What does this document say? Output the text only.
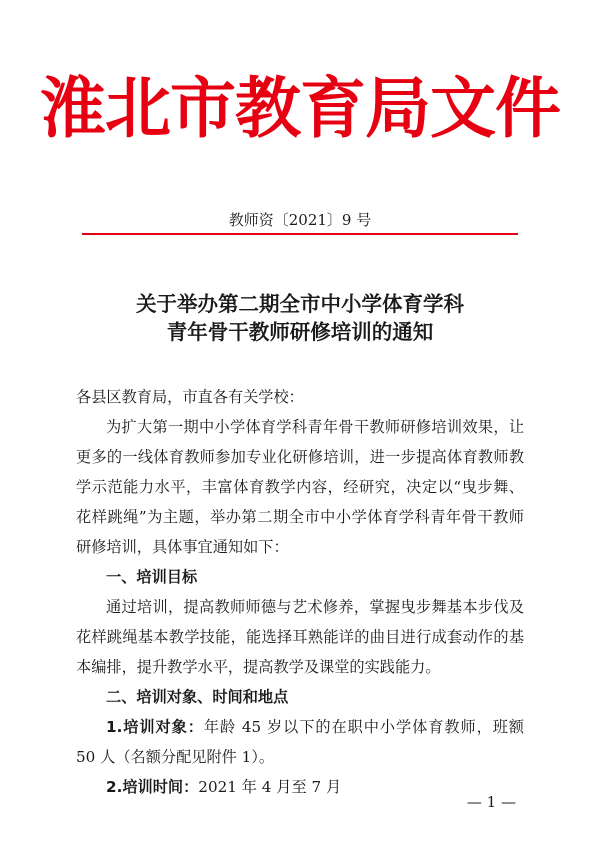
淮北市教育局文件
教师资〔2021〕9 号
关于举办第二期全市中小学体育学科
青年骨干教师研修培训的通知

各县区教育局，市直各有关学校：

为扩大第一期中小学体育学科青年骨干教师研修培训效果，让更多的一线体育教师参加专业化研修培训，进一步提高体育教师教学示范能力水平，丰富体育教学内容，经研究，决定以“曳步舞、花样跳绳”为主题，举办第二期全市中小学体育学科青年骨干教师研修培训，具体事宜通知如下：

一、培训目标

通过培训，提高教师师德与艺术修养，掌握曳步舞基本步伐及花样跳绳基本教学技能，能选择耳熟能详的曲目进行成套动作的基本编排，提升教学水平，提高教学及课堂的实践能力。

二、培训对象、时间和地点

1.培训对象：年龄 45 岁以下的在职中小学体育教师，班额 50 人（名额分配见附件 1）。

2.培训时间：2021 年 4 月至 7 月

— 1 —
